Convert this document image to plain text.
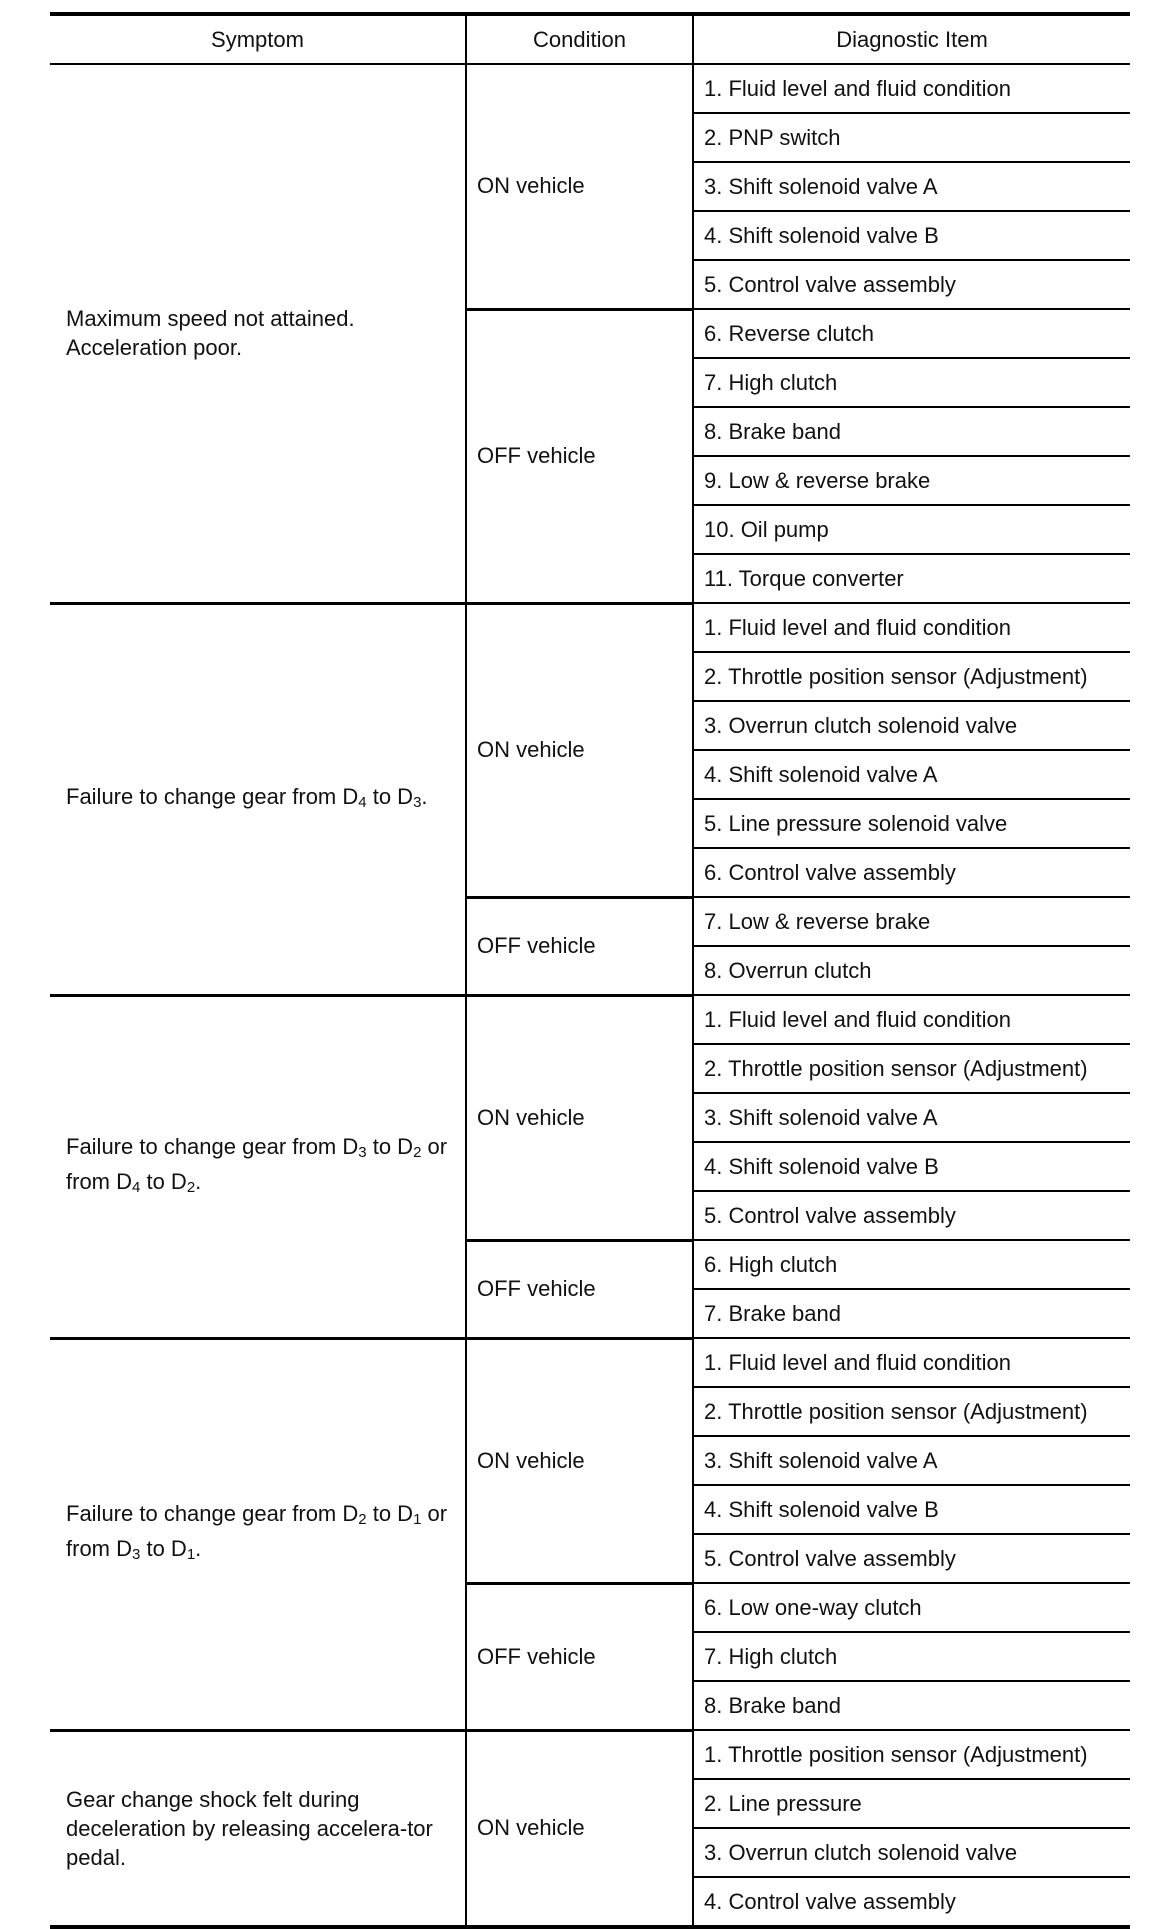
Symptom	Condition	Diagnostic Item
Maximum speed not attained. Acceleration poor.	ON vehicle	1. Fluid level and fluid condition
		2. PNP switch
		3. Shift solenoid valve A
		4. Shift solenoid valve B
		5. Control valve assembly
	OFF vehicle	6. Reverse clutch
		7. High clutch
		8. Brake band
		9. Low & reverse brake
		10. Oil pump
		11. Torque converter
Failure to change gear from $D_4$ to $D_3$.	ON vehicle	1. Fluid level and fluid condition
		2. Throttle position sensor (Adjustment)
		3. Overrun clutch solenoid valve
		4. Shift solenoid valve A
		5. Line pressure solenoid valve
		6. Control valve assembly
	OFF vehicle	7. Low & reverse brake
		8. Overrun clutch
Failure to change gear from $D_3$ to $D_2$ or from $D_4$ to $D_2$.	ON vehicle	1. Fluid level and fluid condition
		2. Throttle position sensor (Adjustment)
		3. Shift solenoid valve A
		4. Shift solenoid valve B
		5. Control valve assembly
	OFF vehicle	6. High clutch
		7. Brake band
Failure to change gear from $D_2$ to $D_1$ or from $D_3$ to $D_1$.	ON vehicle	1. Fluid level and fluid condition
		2. Throttle position sensor (Adjustment)
		3. Shift solenoid valve A
		4. Shift solenoid valve B
		5. Control valve assembly
	OFF vehicle	6. Low one-way clutch
		7. High clutch
		8. Brake band
Gear change shock felt during deceleration by releasing accelera-tor pedal.	ON vehicle	1. Throttle position sensor (Adjustment)
		2. Line pressure
		3. Overrun clutch solenoid valve
		4. Control valve assembly
